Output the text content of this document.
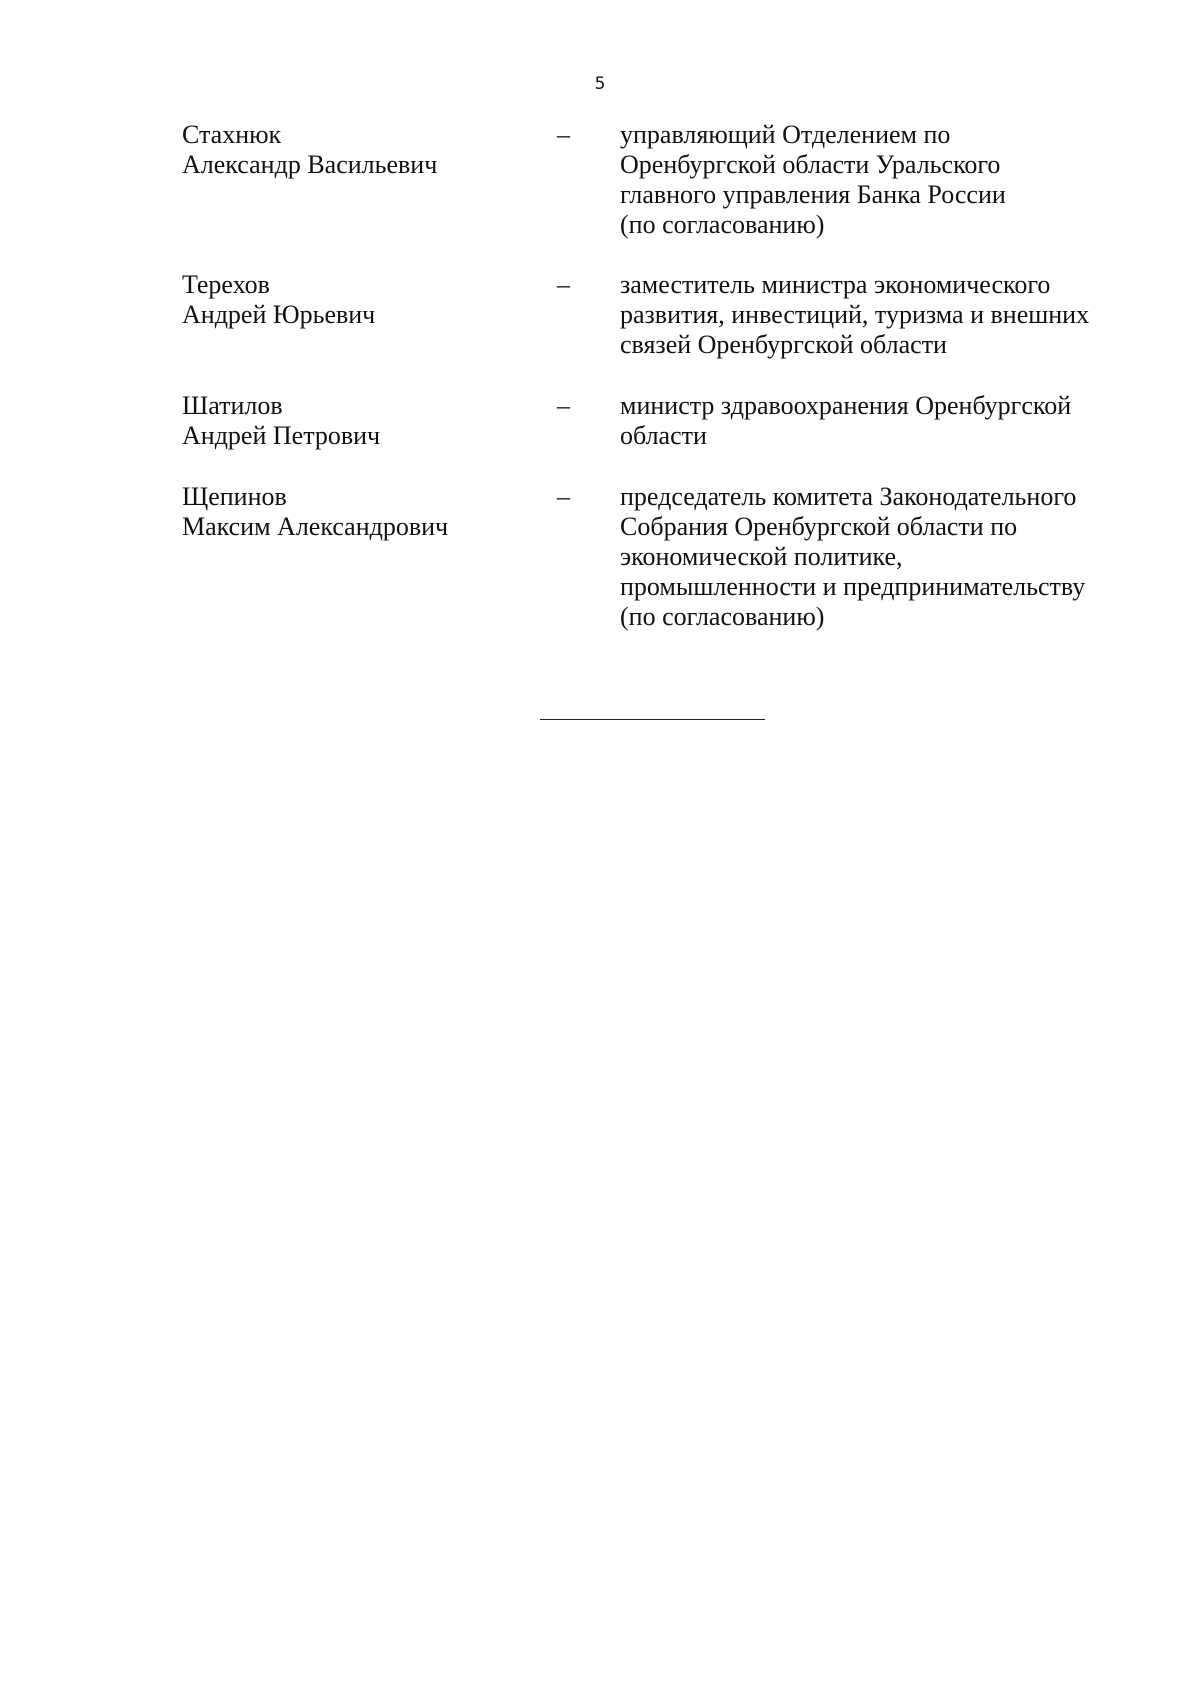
5
Стахнюк
Александр Васильевич
– управляющий Отделением по
Оренбургской области Уральского
главного управления Банка России
(по согласованию)
Терехов
Андрей Юрьевич
– заместитель министра экономического
развития, инвестиций, туризма и внешних
связей Оренбургской области
Шатилов
Андрей Петрович
– министр здравоохранения Оренбургской
области
Щепинов
Максим Александрович
– председатель комитета Законодательного
Собрания Оренбургской области по
экономической политике,
промышленности и предпринимательству
(по согласованию)
